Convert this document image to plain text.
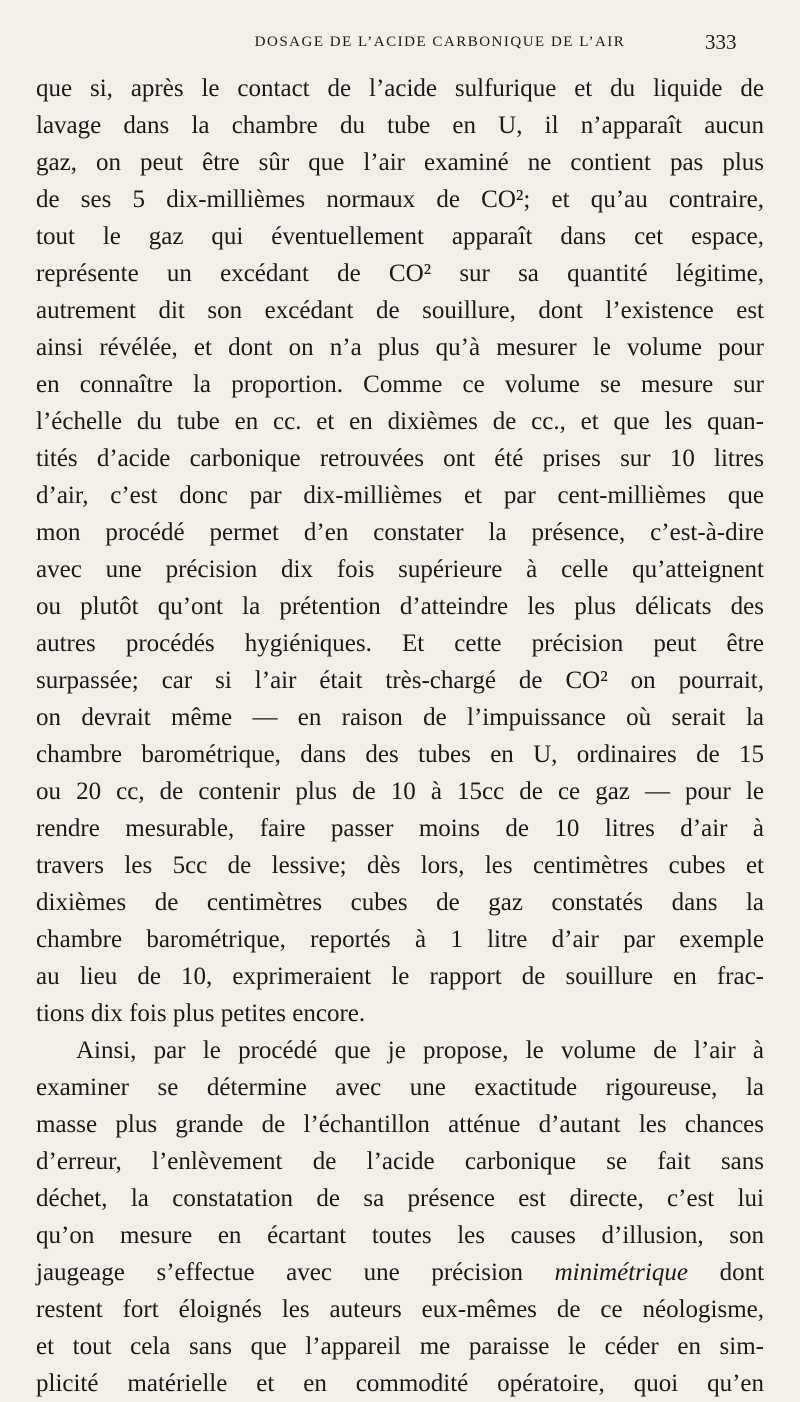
DOSAGE DE L’ACIDE CARBONIQUE DE L’AIR	333
que si, après le contact de l’acide sulfurique et du liquide de
lavage dans la chambre du tube en U, il n’apparaît aucun
gaz, on peut être sûr que l’air examiné ne contient pas plus
de ses 5 dix-millièmes normaux de CO²; et qu’au contraire,
tout le gaz qui éventuellement apparaît dans cet espace,
représente un excédant de CO² sur sa quantité légitime,
autrement dit son excédant de souillure, dont l’existence est
ainsi révélée, et dont on n’a plus qu’à mesurer le volume pour
en connaître la proportion. Comme ce volume se mesure sur
l’échelle du tube en cc. et en dixièmes de cc., et que les quan-
tités d’acide carbonique retrouvées ont été prises sur 10 litres
d’air, c’est donc par dix-millièmes et par cent-millièmes que
mon procédé permet d’en constater la présence, c’est-à-dire
avec une précision dix fois supérieure à celle qu’atteignent
ou plutôt qu’ont la prétention d’atteindre les plus délicats des
autres procédés hygiéniques. Et cette précision peut être
surpassée; car si l’air était très-chargé de CO² on pourrait,
on devrait même — en raison de l’impuissance où serait la
chambre barométrique, dans des tubes en U, ordinaires de 15
ou 20 cc, de contenir plus de 10 à 15cc de ce gaz — pour le
rendre mesurable, faire passer moins de 10 litres d’air à
travers les 5cc de lessive; dès lors, les centimètres cubes et
dixièmes de centimètres cubes de gaz constatés dans la
chambre barométrique, reportés à 1 litre d’air par exemple
au lieu de 10, exprimeraient le rapport de souillure en frac-
tions dix fois plus petites encore.
Ainsi, par le procédé que je propose, le volume de l’air à
examiner se détermine avec une exactitude rigoureuse, la
masse plus grande de l’échantillon atténue d’autant les chances
d’erreur, l’enlèvement de l’acide carbonique se fait sans
déchet, la constatation de sa présence est directe, c’est lui
qu’on mesure en écartant toutes les causes d’illusion, son
jaugeage s’effectue avec une précision minimétrique dont
restent fort éloignés les auteurs eux-mêmes de ce néologisme,
et tout cela sans que l’appareil me paraisse le céder en sim-
plicité matérielle et en commodité opératoire, quoi qu’en
